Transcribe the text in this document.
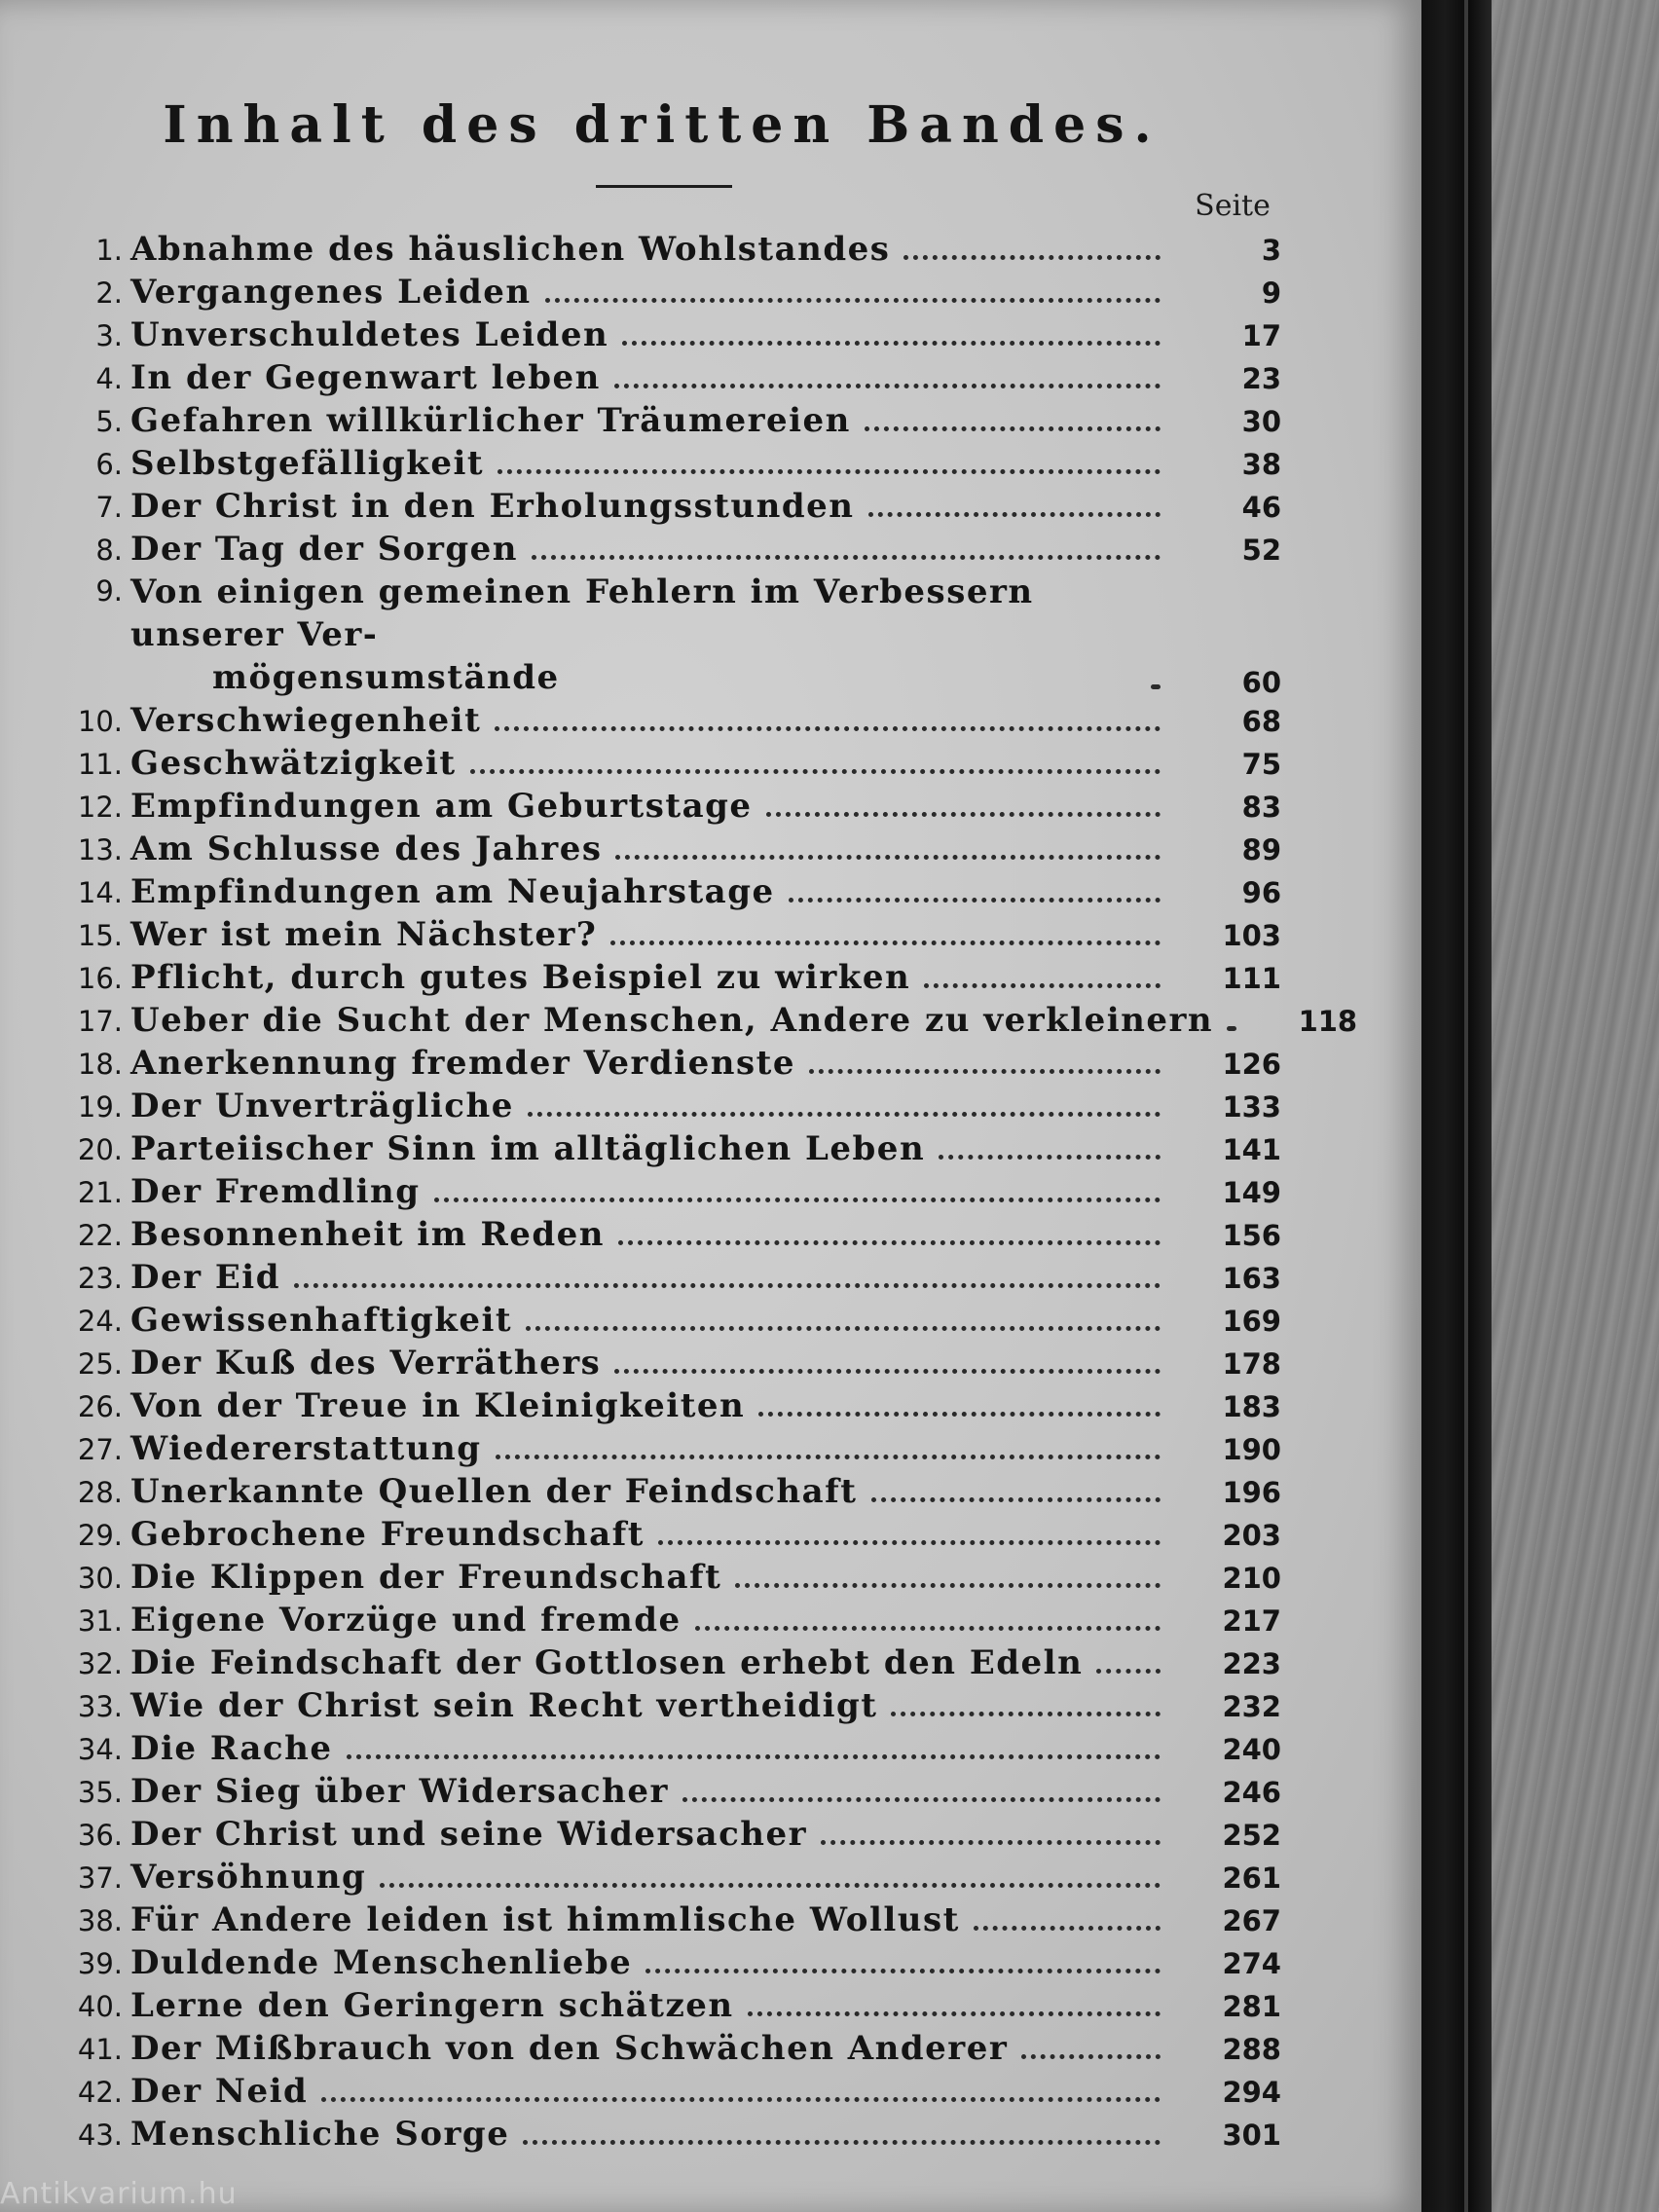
Inhalt des dritten Bandes.
Seite
1. Abnahme des häuslichen Wohlstandes	3
2. Vergangenes Leiden	9
3. Unverschuldetes Leiden	17
4. In der Gegenwart leben	23
5. Gefahren willkürlicher Träumereien	30
6. Selbstgefälligkeit	38
7. Der Christ in den Erholungsstunden	46
8. Der Tag der Sorgen	52
9. Von einigen gemeinen Fehlern im Verbessern unserer Ver-
mögensumstände	60
10. Verschwiegenheit	68
11. Geschwätzigkeit	75
12. Empfindungen am Geburtstage	83
13. Am Schlusse des Jahres	89
14. Empfindungen am Neujahrstage	96
15. Wer ist mein Nächster?	103
16. Pflicht, durch gutes Beispiel zu wirken	111
17. Ueber die Sucht der Menschen, Andere zu verkleinern	118
18. Anerkennung fremder Verdienste	126
19. Der Unverträgliche	133
20. Parteiischer Sinn im alltäglichen Leben	141
21. Der Fremdling	149
22. Besonnenheit im Reden	156
23. Der Eid	163
24. Gewissenhaftigkeit	169
25. Der Kuß des Verräthers	178
26. Von der Treue in Kleinigkeiten	183
27. Wiedererstattung	190
28. Unerkannte Quellen der Feindschaft	196
29. Gebrochene Freundschaft	203
30. Die Klippen der Freundschaft	210
31. Eigene Vorzüge und fremde	217
32. Die Feindschaft der Gottlosen erhebt den Edeln	223
33. Wie der Christ sein Recht vertheidigt	232
34. Die Rache	240
35. Der Sieg über Widersacher	246
36. Der Christ und seine Widersacher	252
37. Versöhnung	261
38. Für Andere leiden ist himmlische Wollust	267
39. Duldende Menschenliebe	274
40. Lerne den Geringern schätzen	281
41. Der Mißbrauch von den Schwächen Anderer	288
42. Der Neid	294
43. Menschliche Sorge	301
Antikvarium.hu
